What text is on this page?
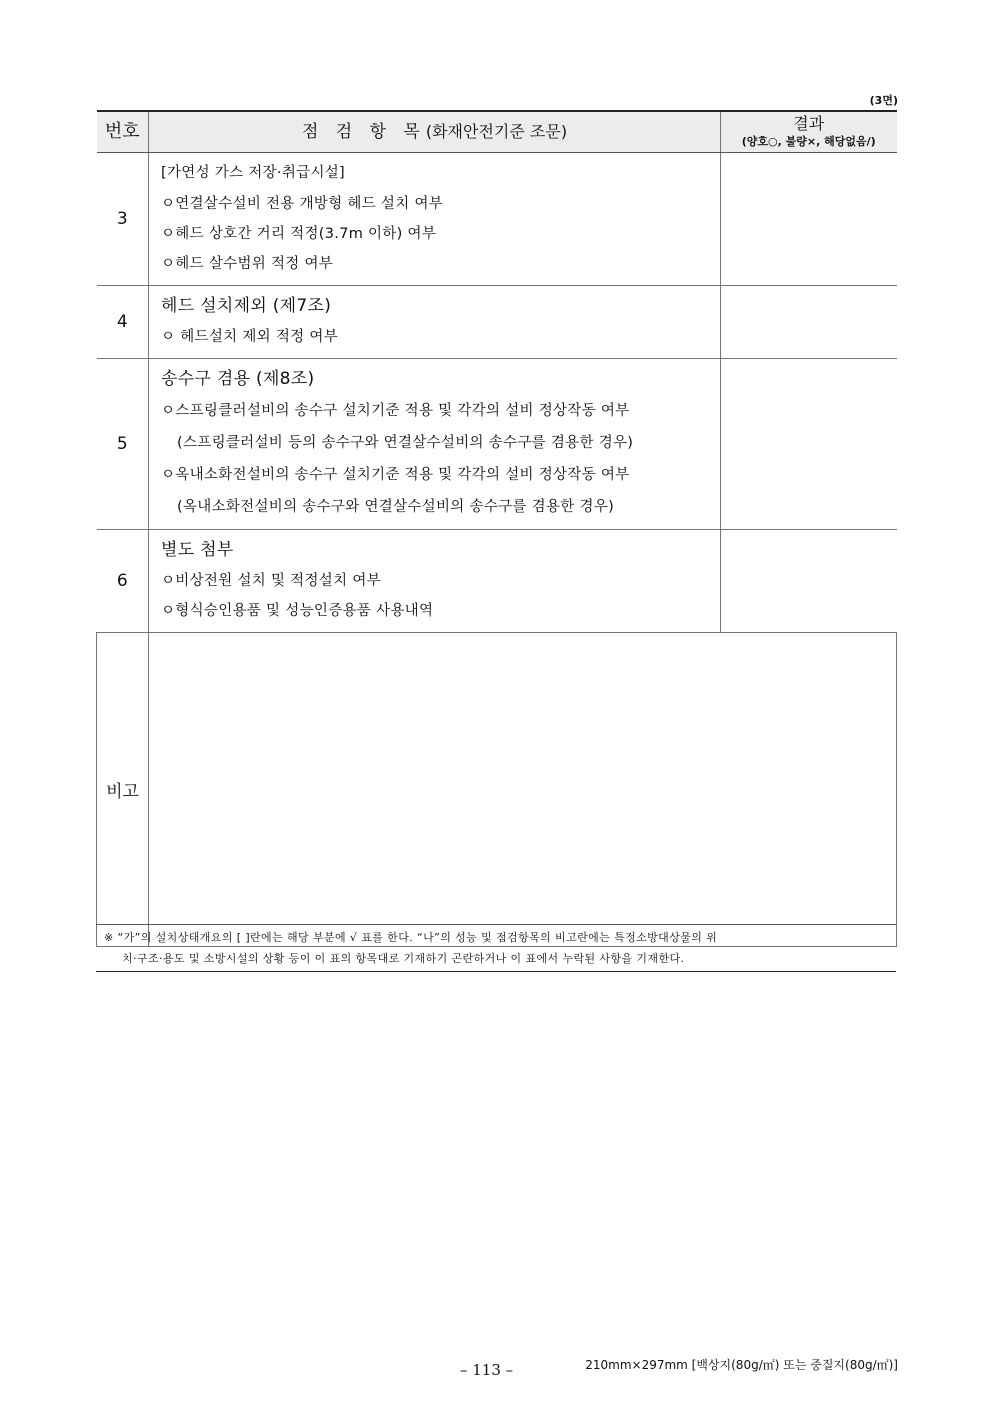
(3면)
번호	점 검 항 목(화재안전기준 조문)	결과
(양호○, 불량×, 해당없음/)

3	[가연성 가스 저장·취급시설]
ㅇ연결살수설비 전용 개방형 헤드 설치 여부
ㅇ헤드 상호간 거리 적정(3.7m 이하) 여부
ㅇ헤드 살수범위 적정 여부	

4	헤드 설치제외 (제7조)
ㅇ 헤드설치 제외 적정 여부	

5	송수구 겸용 (제8조)
ㅇ스프링클러설비의 송수구 설치기준 적용 및 각각의 설비 정상작동 여부
(스프링클러설비 등의 송수구와 연결살수설비의 송수구를 겸용한 경우)
ㅇ옥내소화전설비의 송수구 설치기준 적용 및 각각의 설비 정상작동 여부
(옥내소화전설비의 송수구와 연결살수설비의 송수구를 겸용한 경우)	

6	별도 첨부
ㅇ비상전원 설치 및 적정설치 여부
ㅇ형식승인용품 및 성능인증용품 사용내역	

비고		
※ “가”의 설치상태개요의 [ ]란에는 해당 부분에 √ 표를 한다. “나”의 성능 및 점검항목의 비고란에는 특정소방대상물의 위
치·구조·용도 및 소방시설의 상황 등이 이 표의 항목대로 기재하기 곤란하거나 이 표에서 누락된 사항을 기재한다.
– 113 –	210mm×297mm [백상지(80g/㎡) 또는 중질지(80g/㎡)]
